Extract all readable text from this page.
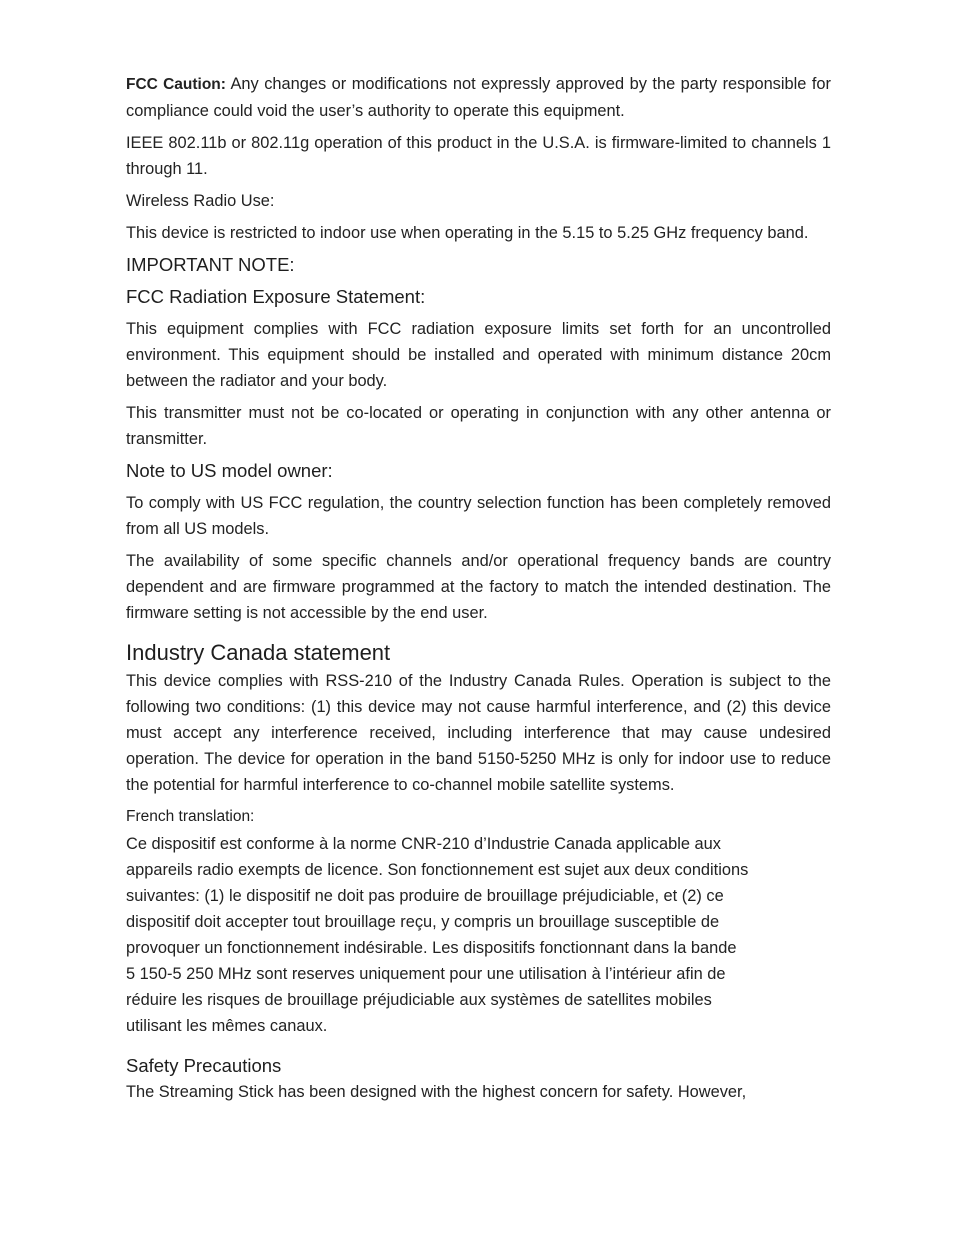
FCC Caution: Any changes or modifications not expressly approved by the party responsible for compliance could void the user’s authority to operate this equipment.

IEEE 802.11b or 802.11g operation of this product in the U.S.A. is firmware-limited to channels 1 through 11.

Wireless Radio Use:

This device is restricted to indoor use when operating in the 5.15 to 5.25 GHz frequency band.

IMPORTANT NOTE:
FCC Radiation Exposure Statement:

This equipment complies with FCC radiation exposure limits set forth for an uncontrolled environment. This equipment should be installed and operated with minimum distance 20cm between the radiator and your body.

This transmitter must not be co-located or operating in conjunction with any other antenna or transmitter.

Note to US model owner:

To comply with US FCC regulation, the country selection function has been completely removed from all US models.

The availability of some specific channels and/or operational frequency bands are country dependent and are firmware programmed at the factory to match the intended destination. The firmware setting is not accessible by the end user.

Industry Canada statement

This device complies with RSS-210 of the Industry Canada Rules. Operation is subject to the following two conditions: (1) this device may not cause harmful interference, and (2) this device must accept any interference received, including interference that may cause undesired operation. The device for operation in the band 5150-5250 MHz is only for indoor use to reduce the potential for harmful interference to co-channel mobile satellite systems.

French translation:
Ce dispositif est conforme à la norme CNR-210 d’Industrie Canada applicable aux
appareils radio exempts de licence. Son fonctionnement est sujet aux deux conditions
suivantes: (1) le dispositif ne doit pas produire de brouillage préjudiciable, et (2) ce
dispositif doit accepter tout brouillage reçu, y compris un brouillage susceptible de
provoquer un fonctionnement indésirable. Les dispositifs fonctionnant dans la bande
5 150-5 250 MHz sont reserves uniquement pour une utilisation à l’intérieur afin de
réduire les risques de brouillage préjudiciable aux systèmes de satellites mobiles
utilisant les mêmes canaux.
Safety Precautions

The Streaming Stick has been designed with the highest concern for safety. However,
